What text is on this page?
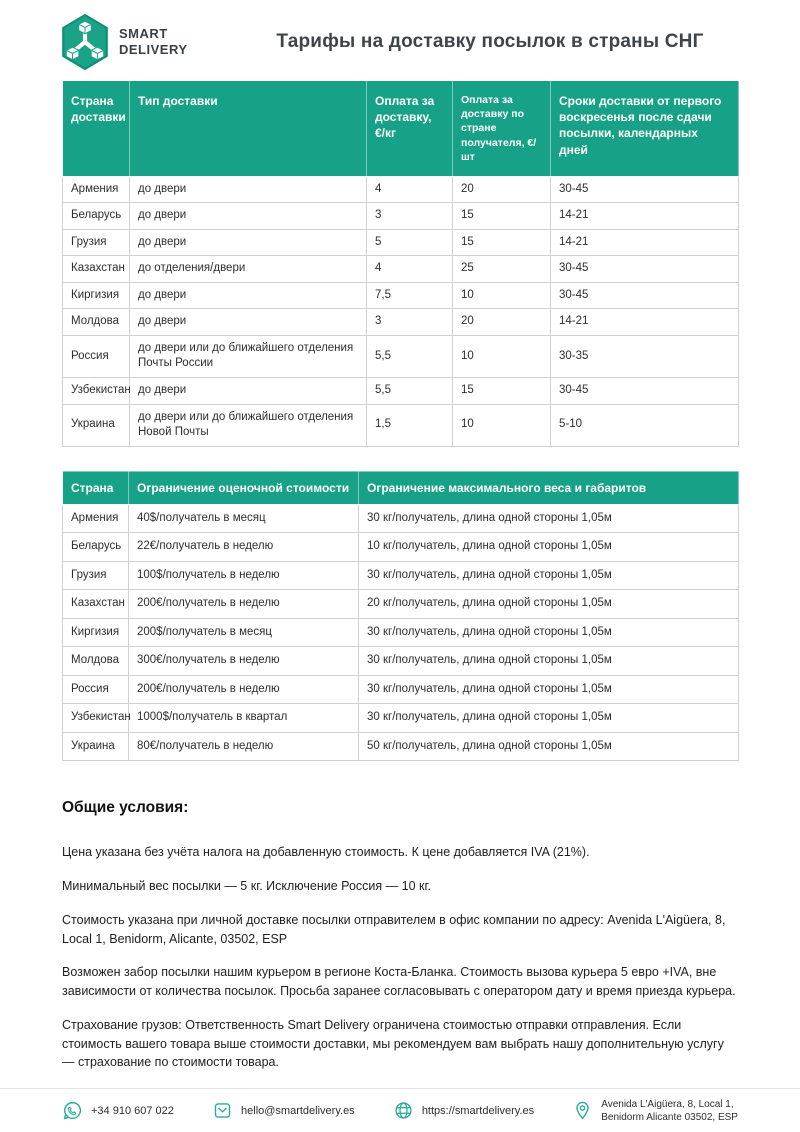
SMART
DELIVERY	Тарифы на доставку посылок в страны СНГ
Страна доставки	Тип доставки	Оплата за доставку, €/кг	Оплата за доставку по стране получателя, €/шт	Сроки доставки от первого воскресенья после сдачи посылки, календарных дней
Армения	до двери	4	20	30-45
Беларусь	до двери	3	15	14-21
Грузия	до двери	5	15	14-21
Казахстан	до отделения/двери	4	25	30-45
Киргизия	до двери	7,5	10	30-45
Молдова	до двери	3	20	14-21
Россия	до двери или до ближайшего отделения Почты России	5,5	10	30-35
Узбекистан	до двери	5,5	15	30-45
Украина	до двери или до ближайшего отделения Новой Почты	1,5	10	5-10
Страна	Ограничение оценочной стоимости	Ограничение максимального веса и габаритов
Армения	40$/получатель в месяц	30 кг/получатель, длина одной стороны 1,05м
Беларусь	22€/получатель в неделю	10 кг/получатель, длина одной стороны 1,05м
Грузия	100$/получатель в неделю	30 кг/получатель, длина одной стороны 1,05м
Казахстан	200€/получатель в неделю	20 кг/получатель, длина одной стороны 1,05м
Киргизия	200$/получатель в месяц	30 кг/получатель, длина одной стороны 1,05м
Молдова	300€/получатель в неделю	30 кг/получатель, длина одной стороны 1,05м
Россия	200€/получатель в неделю	30 кг/получатель, длина одной стороны 1,05м
Узбекистан	1000$/получатель в квартал	30 кг/получатель, длина одной стороны 1,05м
Украина	80€/получатель в неделю	50 кг/получатель, длина одной стороны 1,05м
Общие условия:

Цена указана без учёта налога на добавленную стоимость. К цене добавляется IVA (21%).

Минимальный вес посылки — 5 кг. Исключение Россия — 10 кг.

Стоимость указана при личной доставке посылки отправителем в офис компании по адресу: Avenida L'Aigüera, 8, Local 1, Benidorm, Alicante, 03502, ESP

Возможен забор посылки нашим курьером в регионе Коста-Бланка. Стоимость вызова курьера 5 евро +IVA, вне зависимости от количества посылок. Просьба заранее согласовывать с оператором дату и время приезда курьера.

Страхование грузов: Ответственность Smart Delivery ограничена стоимостью отправки отправления. Если стоимость вашего товара выше стоимости доставки, мы рекомендуем вам выбрать нашу дополнительную услугу — страхование по стоимости товара.

+34 910 607 022	hello@smartdelivery.es	https://smartdelivery.es
Avenida L'Aigüera, 8, Local 1,
Benidorm Alicante 03502, ESP
